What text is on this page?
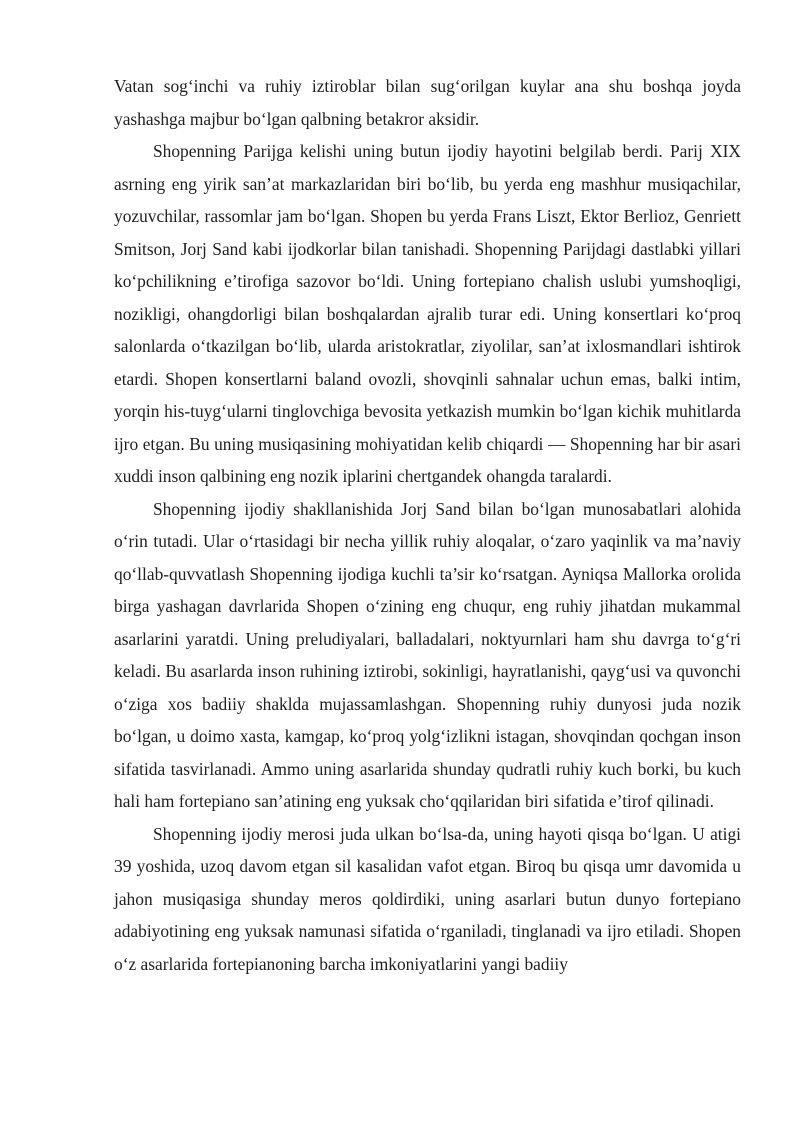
Vatan sog‘inchi va ruhiy iztiroblar bilan sug‘orilgan kuylar ana shu boshqa joyda yashashga majbur bo‘lgan qalbning betakror aksidir.

Shopenning Parijga kelishi uning butun ijodiy hayotini belgilab berdi. Parij XIX asrning eng yirik san’at markazlaridan biri bo‘lib, bu yerda eng mashhur musiqachilar, yozuvchilar, rassomlar jam bo‘lgan. Shopen bu yerda Frans Liszt, Ektor Berlioz, Genriett Smitson, Jorj Sand kabi ijodkorlar bilan tanishadi. Shopenning Parijdagi dastlabki yillari ko‘pchilikning e’tirofiga sazovor bo‘ldi. Uning fortepiano chalish uslubi yumshoqligi, nozikligi, ohangdorligi bilan boshqalardan ajralib turar edi. Uning konsertlari ko‘proq salonlarda o‘tkazilgan bo‘lib, ularda aristokratlar, ziyolilar, san’at ixlosmandlari ishtirok etardi. Shopen konsertlarni baland ovozli, shovqinli sahnalar uchun emas, balki intim, yorqin his-tuyg‘ularni tinglovchiga bevosita yetkazish mumkin bo‘lgan kichik muhitlarda ijro etgan. Bu uning musiqasining mohiyatidan kelib chiqardi — Shopenning har bir asari xuddi inson qalbining eng nozik iplarini chertgandek ohangda taralardi.

Shopenning ijodiy shakllanishida Jorj Sand bilan bo‘lgan munosabatlari alohida o‘rin tutadi. Ular o‘rtasidagi bir necha yillik ruhiy aloqalar, o‘zaro yaqinlik va ma’naviy qo‘llab-quvvatlash Shopenning ijodiga kuchli ta’sir ko‘rsatgan. Ayniqsa Mallorka orolida birga yashagan davrlarida Shopen o‘zining eng chuqur, eng ruhiy jihatdan mukammal asarlarini yaratdi. Uning preludiyalari, balladalari, noktyurnlari ham shu davrga to‘g‘ri keladi. Bu asarlarda inson ruhining iztirobi, sokinligi, hayratlanishi, qayg‘usi va quvonchi o‘ziga xos badiiy shaklda mujassamlashgan. Shopenning ruhiy dunyosi juda nozik bo‘lgan, u doimo xasta, kamgap, ko‘proq yolg‘izlikni istagan, shovqindan qochgan inson sifatida tasvirlanadi. Ammo uning asarlarida shunday qudratli ruhiy kuch borki, bu kuch hali ham fortepiano san’atining eng yuksak cho‘qqilaridan biri sifatida e’tirof qilinadi.

Shopenning ijodiy merosi juda ulkan bo‘lsa-da, uning hayoti qisqa bo‘lgan. U atigi 39 yoshida, uzoq davom etgan sil kasalidan vafot etgan. Biroq bu qisqa umr davomida u jahon musiqasiga shunday meros qoldirdiki, uning asarlari butun dunyo fortepiano adabiyotining eng yuksak namunasi sifatida o‘rganiladi, tinglanadi va ijro etiladi. Shopen o‘z asarlarida fortepianoning barcha imkoniyatlarini yangi badiiy
